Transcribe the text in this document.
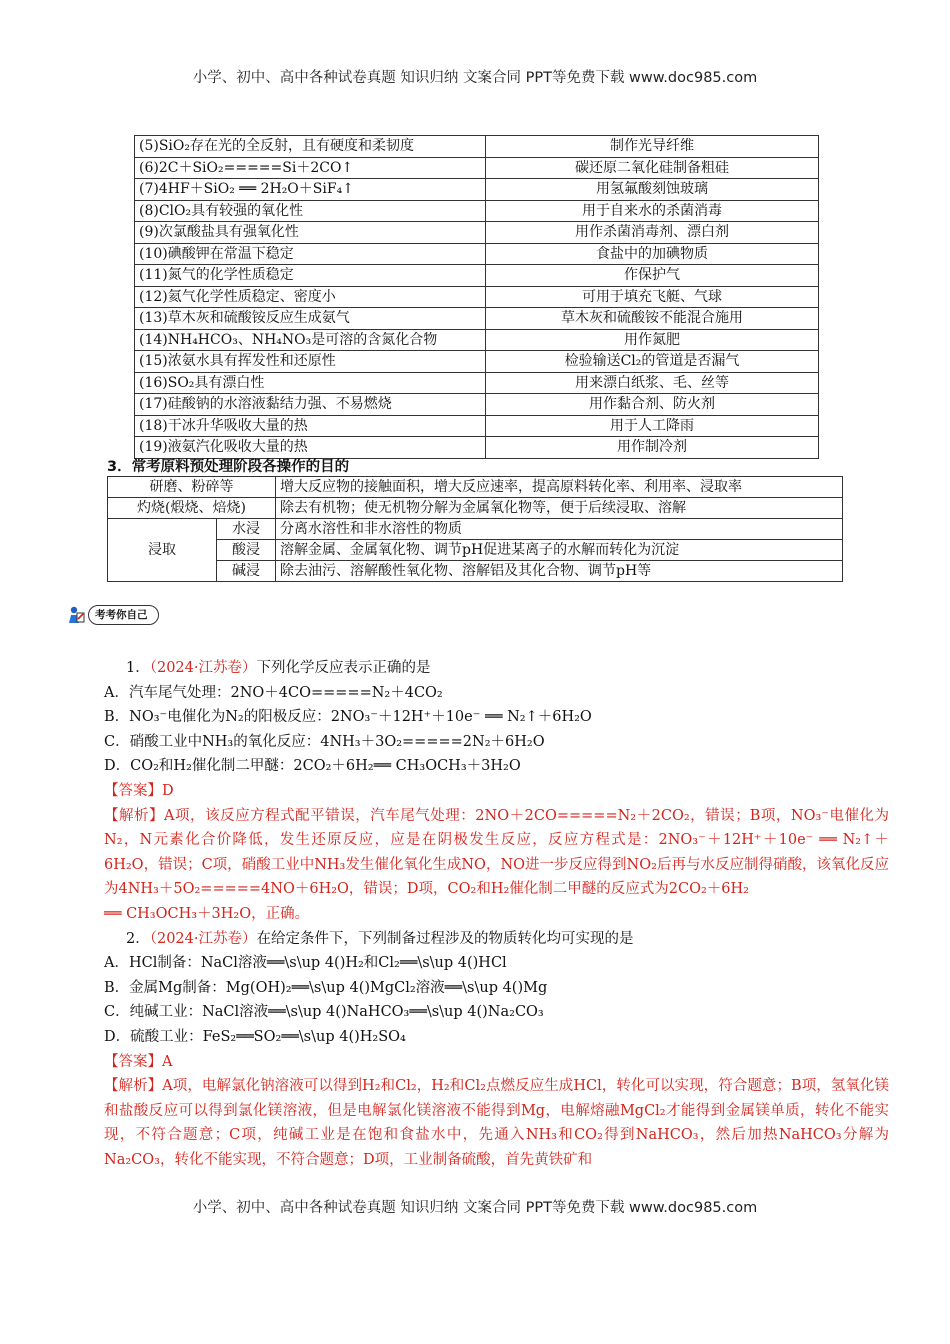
小学、初中、高中各种试卷真题 知识归纳 文案合同 PPT等免费下载 www.doc985.com
(5)SiO₂存在光的全反射，且有硬度和柔韧度	制作光导纤维
(6)2C＋SiO₂=====Si＋2CO↑	碳还原二氧化硅制备粗硅
(7)4HF＋SiO₂ ══ 2H₂O＋SiF₄↑	用氢氟酸刻蚀玻璃
(8)ClO₂具有较强的氧化性	用于自来水的杀菌消毒
(9)次氯酸盐具有强氧化性	用作杀菌消毒剂、漂白剂
(10)碘酸钾在常温下稳定	食盐中的加碘物质
(11)氮气的化学性质稳定	作保护气
(12)氦气化学性质稳定、密度小	可用于填充飞艇、气球
(13)草木灰和硫酸铵反应生成氨气	草木灰和硫酸铵不能混合施用
(14)NH₄HCO₃、NH₄NO₃是可溶的含氮化合物	用作氮肥
(15)浓氨水具有挥发性和还原性	检验输送Cl₂的管道是否漏气
(16)SO₂具有漂白性	用来漂白纸浆、毛、丝等
(17)硅酸钠的水溶液黏结力强、不易燃烧	用作黏合剂、防火剂
(18)干冰升华吸收大量的热	用于人工降雨
(19)液氨汽化吸收大量的热	用作制冷剂
3．常考原料预处理阶段各操作的目的
研磨、粉碎等		增大反应物的接触面积，增大反应速率，提高原料转化率、利用率、浸取率
灼烧(煅烧、焙烧)		除去有机物；使无机物分解为金属氧化物等，便于后续浸取、溶解
浸取	水浸	分离水溶性和非水溶性的物质
	酸浸	溶解金属、金属氧化物、调节pH促进某离子的水解而转化为沉淀
	碱浸	除去油污、溶解酸性氧化物、溶解铝及其化合物、调节pH等
考考你自己
1．（2024·江苏卷）下列化学反应表示正确的是
A．汽车尾气处理：2NO＋4CO=====N₂＋4CO₂
B．NO₃⁻电催化为N₂的阳极反应：2NO₃⁻＋12H⁺＋10e⁻ ══ N₂↑＋6H₂O
C．硝酸工业中NH₃的氧化反应：4NH₃＋3O₂=====2N₂＋6H₂O
D．CO₂和H₂催化制二甲醚：2CO₂＋6H₂══ CH₃OCH₃＋3H₂O
【答案】D
【解析】A项，该反应方程式配平错误，汽车尾气处理：2NO＋2CO=====N₂＋2CO₂，错误；B项，NO₃⁻电催化为N₂，N元素化合价降低，发生还原反应，应是在阴极发生反应，反应方程式是：2NO₃⁻＋12H⁺＋10e⁻ ══ N₂↑＋6H₂O，错误；C项，硝酸工业中NH₃发生催化氧化生成NO，NO进一步反应得到NO₂后再与水反应制得硝酸，该氧化反应为4NH₃＋5O₂=====4NO＋6H₂O，错误；D项，CO₂和H₂催化制二甲醚的反应式为2CO₂＋6H₂
══ CH₃OCH₃＋3H₂O，正确。
2．（2024·江苏卷）在给定条件下，下列制备过程涉及的物质转化均可实现的是
A．HCl制备：NaCl溶液══\s\up 4()H₂和Cl₂══\s\up 4()HCl
B．金属Mg制备：Mg(OH)₂══\s\up 4()MgCl₂溶液══\s\up 4()Mg
C．纯碱工业：NaCl溶液══\s\up 4()NaHCO₃══\s\up 4()Na₂CO₃
D．硫酸工业：FeS₂══SO₂══\s\up 4()H₂SO₄
【答案】A
【解析】A项，电解氯化钠溶液可以得到H₂和Cl₂，H₂和Cl₂点燃反应生成HCl，转化可以实现，符合题意；B项，氢氧化镁和盐酸反应可以得到氯化镁溶液，但是电解氯化镁溶液不能得到Mg，电解熔融MgCl₂才能得到金属镁单质，转化不能实现，不符合题意；C项，纯碱工业是在饱和食盐水中，先通入NH₃和CO₂得到NaHCO₃，然后加热NaHCO₃分解为Na₂CO₃，转化不能实现，不符合题意；D项，工业制备硫酸，首先黄铁矿和
小学、初中、高中各种试卷真题 知识归纳 文案合同 PPT等免费下载 www.doc985.com
